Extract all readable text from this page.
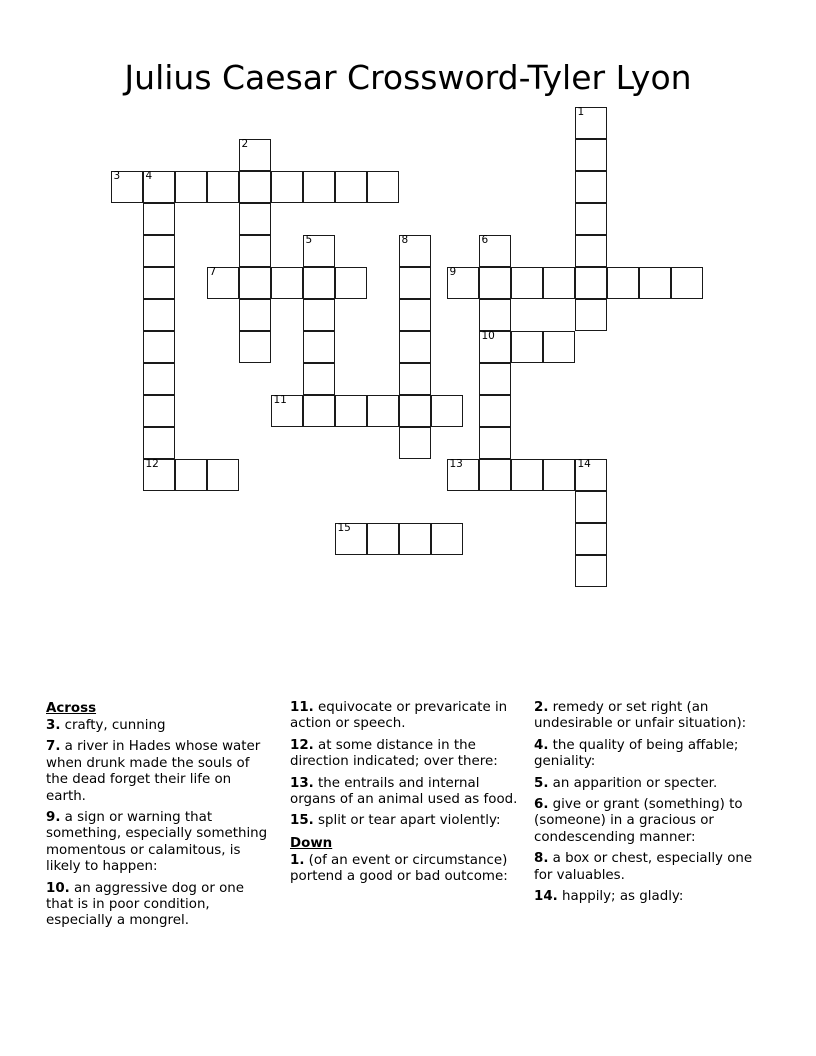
Julius Caesar Crossword-Tyler Lyon
1
2
3 4
5	6
10
7
8
9
11
12	13	14
15
Across
3. crafty, cunning
7. a river in Hades whose water when drunk made the souls of the dead forget their life on earth.
9. a sign or warning that something, especially something momentous or calamitous, is likely to happen:
10. an aggressive dog or one that is in poor condition, especially a mongrel.
11. equivocate or prevaricate in action or speech.
12. at some distance in the direction indicated; over there:
13. the entrails and internal organs of an animal used as food.
15. split or tear apart violently:
Down
1. (of an event or circumstance) portend a good or bad outcome:
2. remedy or set right (an undesirable or unfair situation):
4. the quality of being affable; geniality:
5. an apparition or specter.
6. give or grant (something) to (someone) in a gracious or condescending manner:
8. a box or chest, especially one for valuables.
14. happily; as gladly:
